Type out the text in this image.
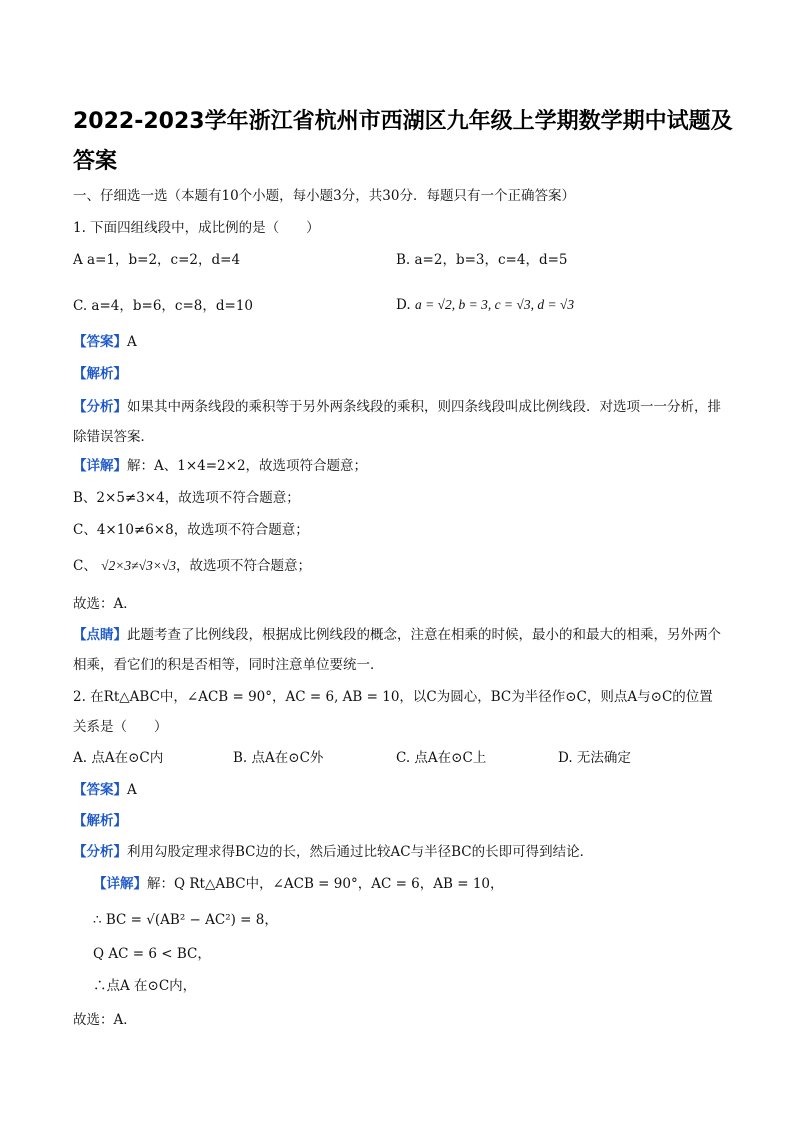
2022-2023学年浙江省杭州市西湖区九年级上学期数学期中试题及答案
一、仔细选一选（本题有10个小题，每小题3分，共30分．每题只有一个正确答案）
1. 下面四组线段中，成比例的是（　　）
A a=1，b=2，c=2，d=4	B. a=2，b=3，c=4，d=5
C. a=4，b=6，c=8，d=10	D. a = √2, b = 3, c = √3, d = √3
【答案】A
【解析】
【分析】如果其中两条线段的乘积等于另外两条线段的乘积，则四条线段叫成比例线段．对选项一一分析，排除错误答案．
【详解】解：A、1×4=2×2，故选项符合题意；
B、2×5≠3×4，故选项不符合题意；
C、4×10≠6×8，故选项不符合题意；
C、 √2×3≠√3×√3，故选项不符合题意；
故选：A．
【点睛】此题考查了比例线段，根据成比例线段的概念，注意在相乘的时候，最小的和最大的相乘，另外两个相乘，看它们的积是否相等，同时注意单位要统一．
2. 在Rt△ABC中，∠ACB = 90°，AC = 6, AB = 10，以C为圆心，BC为半径作⊙C，则点A与⊙C的位置关系是（　　）
A. 点A在⊙C内	B. 点A在⊙C外	C. 点A在⊙C上	D. 无法确定
【答案】A
【解析】
【分析】利用勾股定理求得BC边的长，然后通过比较AC与半径BC的长即可得到结论．
【详解】解：Q Rt△ABC中，∠ACB = 90°，AC = 6，AB = 10，
∴ BC = √(AB² − AC²) = 8，
Q AC = 6 < BC，
∴点A 在⊙C内，
故选：A．
